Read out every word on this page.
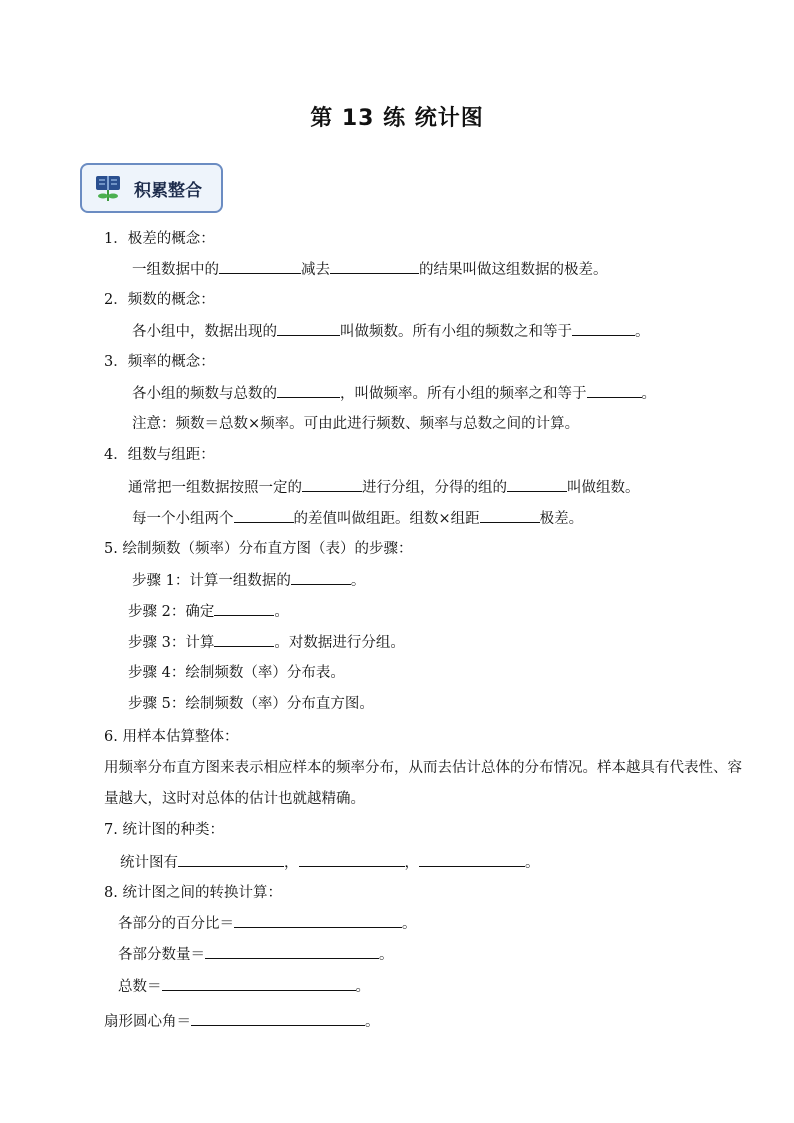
第 13 练 统计图
积累整合
1．极差的概念：
一组数据中的	减去	的结果叫做这组数据的极差。
2．频数的概念：
各小组中，数据出现的	叫做频数。所有小组的频数之和等于	。
3．频率的概念：
各小组的频数与总数的	，叫做频率。所有小组的频率之和等于	。
注意：频数＝总数×频率。可由此进行频数、频率与总数之间的计算。
4．组数与组距：
通常把一组数据按照一定的	进行分组，分得的组的	叫做组数。
每一个小组两个	的差值叫做组距。组数×组距	极差。
5. 绘制频数（频率）分布直方图（表）的步骤：
步骤 1：计算一组数据的	。
步骤 2：确定	。
步骤 3：计算	。对数据进行分组。
步骤 4：绘制频数（率）分布表。
步骤 5：绘制频数（率）分布直方图。
6. 用样本估算整体：
用频率分布直方图来表示相应样本的频率分布，从而去估计总体的分布情况。样本越具有代表性、容
量越大，这时对总体的估计也就越精确。
7. 统计图的种类：
统计图有	，	，	。
8. 统计图之间的转换计算：
各部分的百分比＝	。
各部分数量＝	。
总数＝	。
扇形圆心角＝	。
